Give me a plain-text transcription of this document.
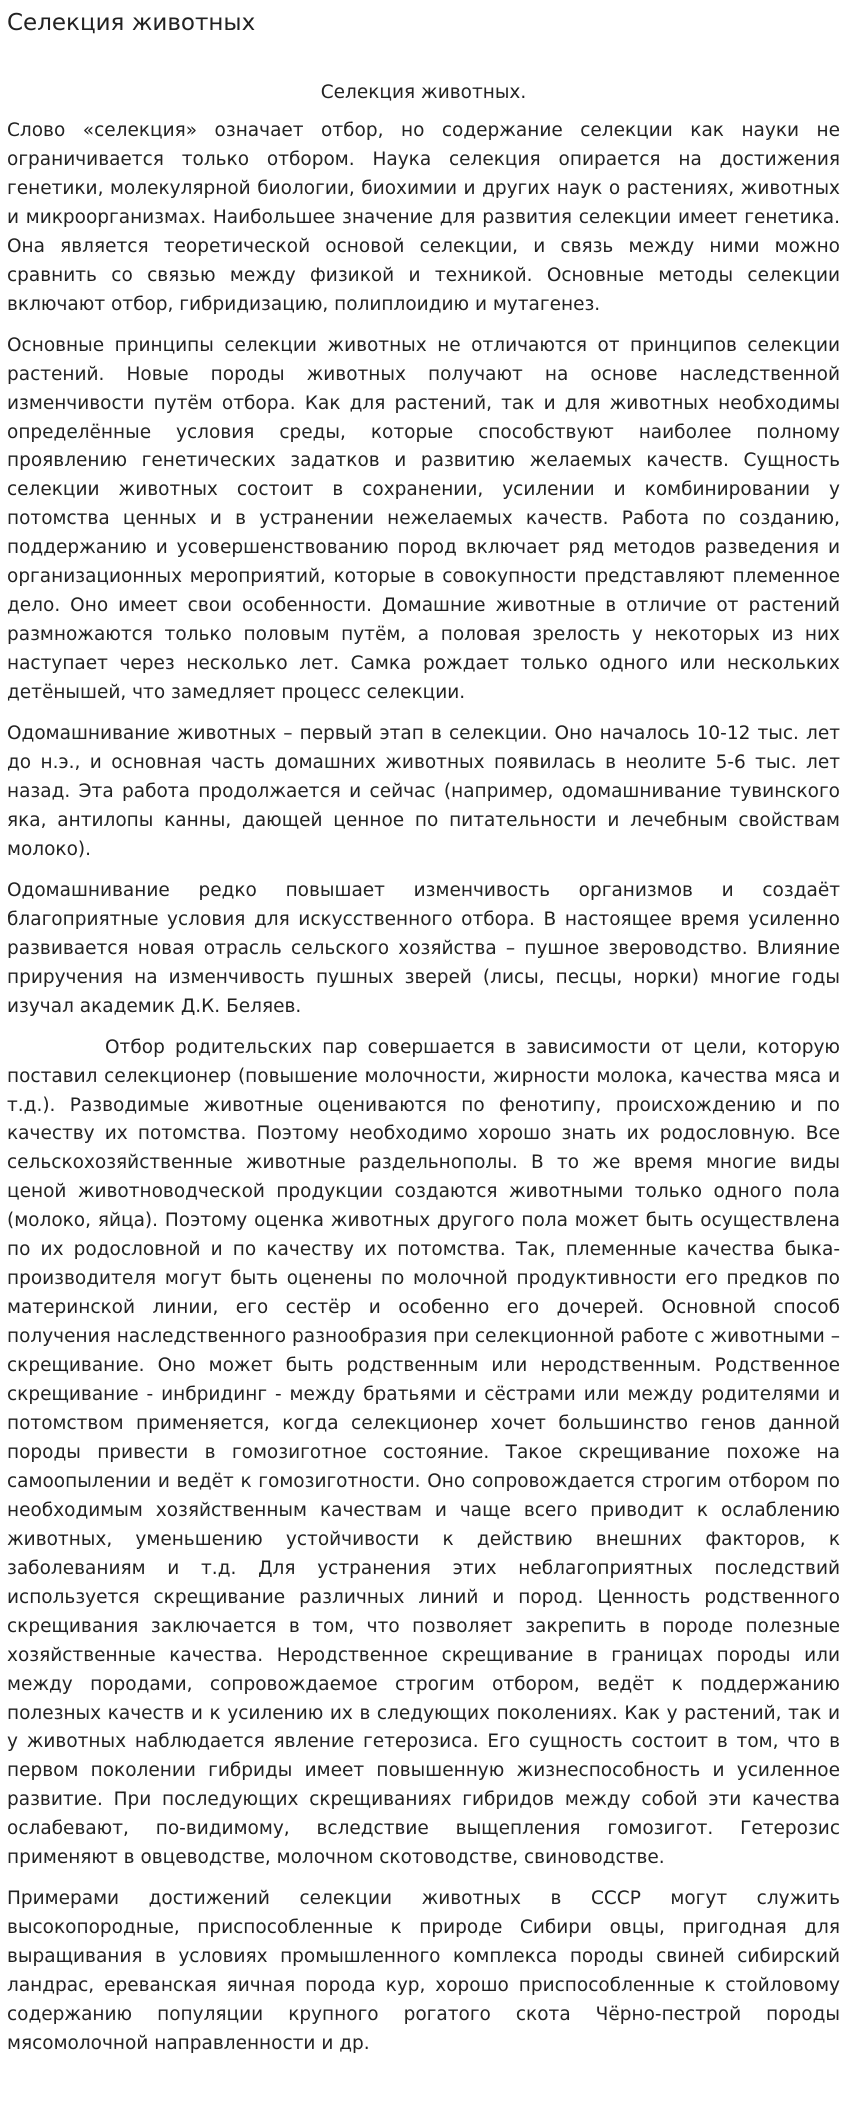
Селекция животных
Селекция животных.

Слово «селекция» означает отбор, но содержание селекции как науки не ограничивается только отбором. Наука селекция опирается на достижения генетики, молекулярной биологии, биохимии и других наук о растениях, животных и микроорганизмах. Наибольшее значение для развития селекции имеет генетика. Она является теоретической основой селекции, и связь между ними можно сравнить со связью между физикой и техникой. Основные методы селекции включают отбор, гибридизацию, полиплоидию и мутагенез.

Основные принципы селекции животных не отличаются от принципов селекции растений. Новые породы животных получают на основе наследственной изменчивости путём отбора. Как для растений, так и для животных необходимы определённые условия среды, которые способствуют наиболее полному проявлению генетических задатков и развитию желаемых качеств. Сущность селекции животных состоит в сохранении, усилении и комбинировании у потомства ценных и в устранении нежелаемых качеств. Работа по созданию, поддержанию и усовершенствованию пород включает ряд методов разведения и организационных мероприятий, которые в совокупности представляют племенное дело. Оно имеет свои особенности. Домашние животные в отличие от растений размножаются только половым путём, а половая зрелость у некоторых из них наступает через несколько лет. Самка рождает только одного или нескольких детёнышей, что замедляет процесс селекции.

Одомашнивание животных – первый этап в селекции. Оно началось 10-12 тыс. лет до н.э., и основная часть домашних животных появилась в неолите 5-6 тыс. лет назад. Эта работа продолжается и сейчас (например, одомашнивание тувинского яка, антилопы канны, дающей ценное по питательности и лечебным свойствам молоко).

Одомашнивание редко повышает изменчивость организмов и создаёт благоприятные условия для искусственного отбора. В настоящее время усиленно развивается новая отрасль сельского хозяйства – пушное звероводство. Влияние приручения на изменчивость пушных зверей (лисы, песцы, норки) многие годы изучал академик Д.К. Беляев.

Отбор родительских пар совершается в зависимости от цели, которую поставил селекционер (повышение молочности, жирности молока, качества мяса и т.д.). Разводимые животные оцениваются по фенотипу, происхождению и по качеству их потомства. Поэтому необходимо хорошо знать их родословную. Все сельскохозяйственные животные раздельнополы. В то же время многие виды ценой животноводческой продукции создаются животными только одного пола (молоко, яйца). Поэтому оценка животных другого пола может быть осуществлена по их родословной и по качеству их потомства. Так, племенные качества быка-производителя могут быть оценены по молочной продуктивности его предков по материнской линии, его сестёр и особенно его дочерей. Основной способ получения наследственного разнообразия при селекционной работе с животными – скрещивание. Оно может быть родственным или неродственным. Родственное скрещивание - инбридинг - между братьями и сёстрами или между родителями и потомством применяется, когда селекционер хочет большинство генов данной породы привести в гомозиготное состояние. Такое скрещивание похоже на самоопылении и ведёт к гомозиготности. Оно сопровождается строгим отбором по необходимым хозяйственным качествам и чаще всего приводит к ослаблению животных, уменьшению устойчивости к действию внешних факторов, к заболеваниям и т.д. Для устранения этих неблагоприятных последствий используется скрещивание различных линий и пород. Ценность родственного скрещивания заключается в том, что позволяет закрепить в породе полезные хозяйственные качества. Неродственное скрещивание в границах породы или между породами, сопровождаемое строгим отбором, ведёт к поддержанию полезных качеств и к усилению их в следующих поколениях. Как у растений, так и у животных наблюдается явление гетерозиса. Его сущность состоит в том, что в первом поколении гибриды имеет повышенную жизнеспособность и усиленное развитие. При последующих скрещиваниях гибридов между собой эти качества ослабевают, по-видимому, вследствие выщепления гомозигот. Гетерозис применяют в овцеводстве, молочном скотоводстве, свиноводстве.

Примерами достижений селекции животных в СССР могут служить высокопородные, приспособленные к природе Сибири овцы, пригодная для выращивания в условиях промышленного комплекса породы свиней сибирский ландрас, ереванская яичная порода кур, хорошо приспособленные к стойловому содержанию популяции крупного рогатого скота Чёрно-пестрой породы мясомолочной направленности и др.
